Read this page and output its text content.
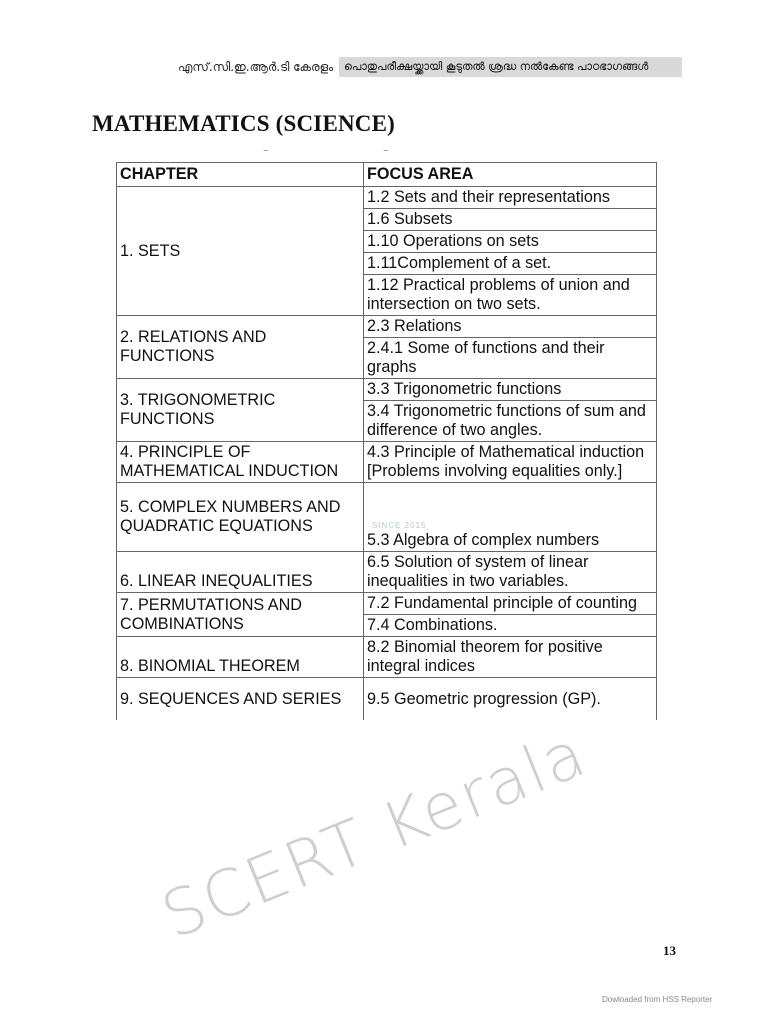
എസ്.സി.ഇ.ആർ.ടി കേരളം പൊതുപരീക്ഷയ്ക്കായി കൂടുതൽ ശ്രദ്ധ നൽകേണ്ട പാഠഭാഗങ്ങൾ
MATHEMATICS (SCIENCE)
‾	‾
CHAPTER	FOCUS AREA
1. SETS	1.2 Sets and their representations
	1.6 Subsets
	1.10 Operations on sets
	1.11Complement of a set.
	1.12 Practical problems of union and intersection on two sets.
2. RELATIONS AND FUNCTIONS	2.3 Relations
	2.4.1 Some of functions and their graphs
3. TRIGONOMETRIC FUNCTIONS	3.3 Trigonometric functions
	3.4 Trigonometric functions of sum and difference of two angles.
4. PRINCIPLE OF MATHEMATICAL INDUCTION	4.3 Principle of Mathematical induction [Problems involving equalities only.]
5. COMPLEX NUMBERS AND QUADRATIC EQUATIONS	5.3 Algebra of complex numbers
6. LINEAR INEQUALITIES	6.5 Solution of system of linear inequalities in two variables.
7. PERMUTATIONS AND COMBINATIONS	7.2 Fundamental principle of counting
	7.4 Combinations.
8. BINOMIAL THEOREM	8.2 Binomial theorem for positive integral indices
9. SEQUENCES AND SERIES	9.5 Geometric progression (GP).
SINCE 2015
SCERT Kerala	13
Dowloaded from HSS Reporter
